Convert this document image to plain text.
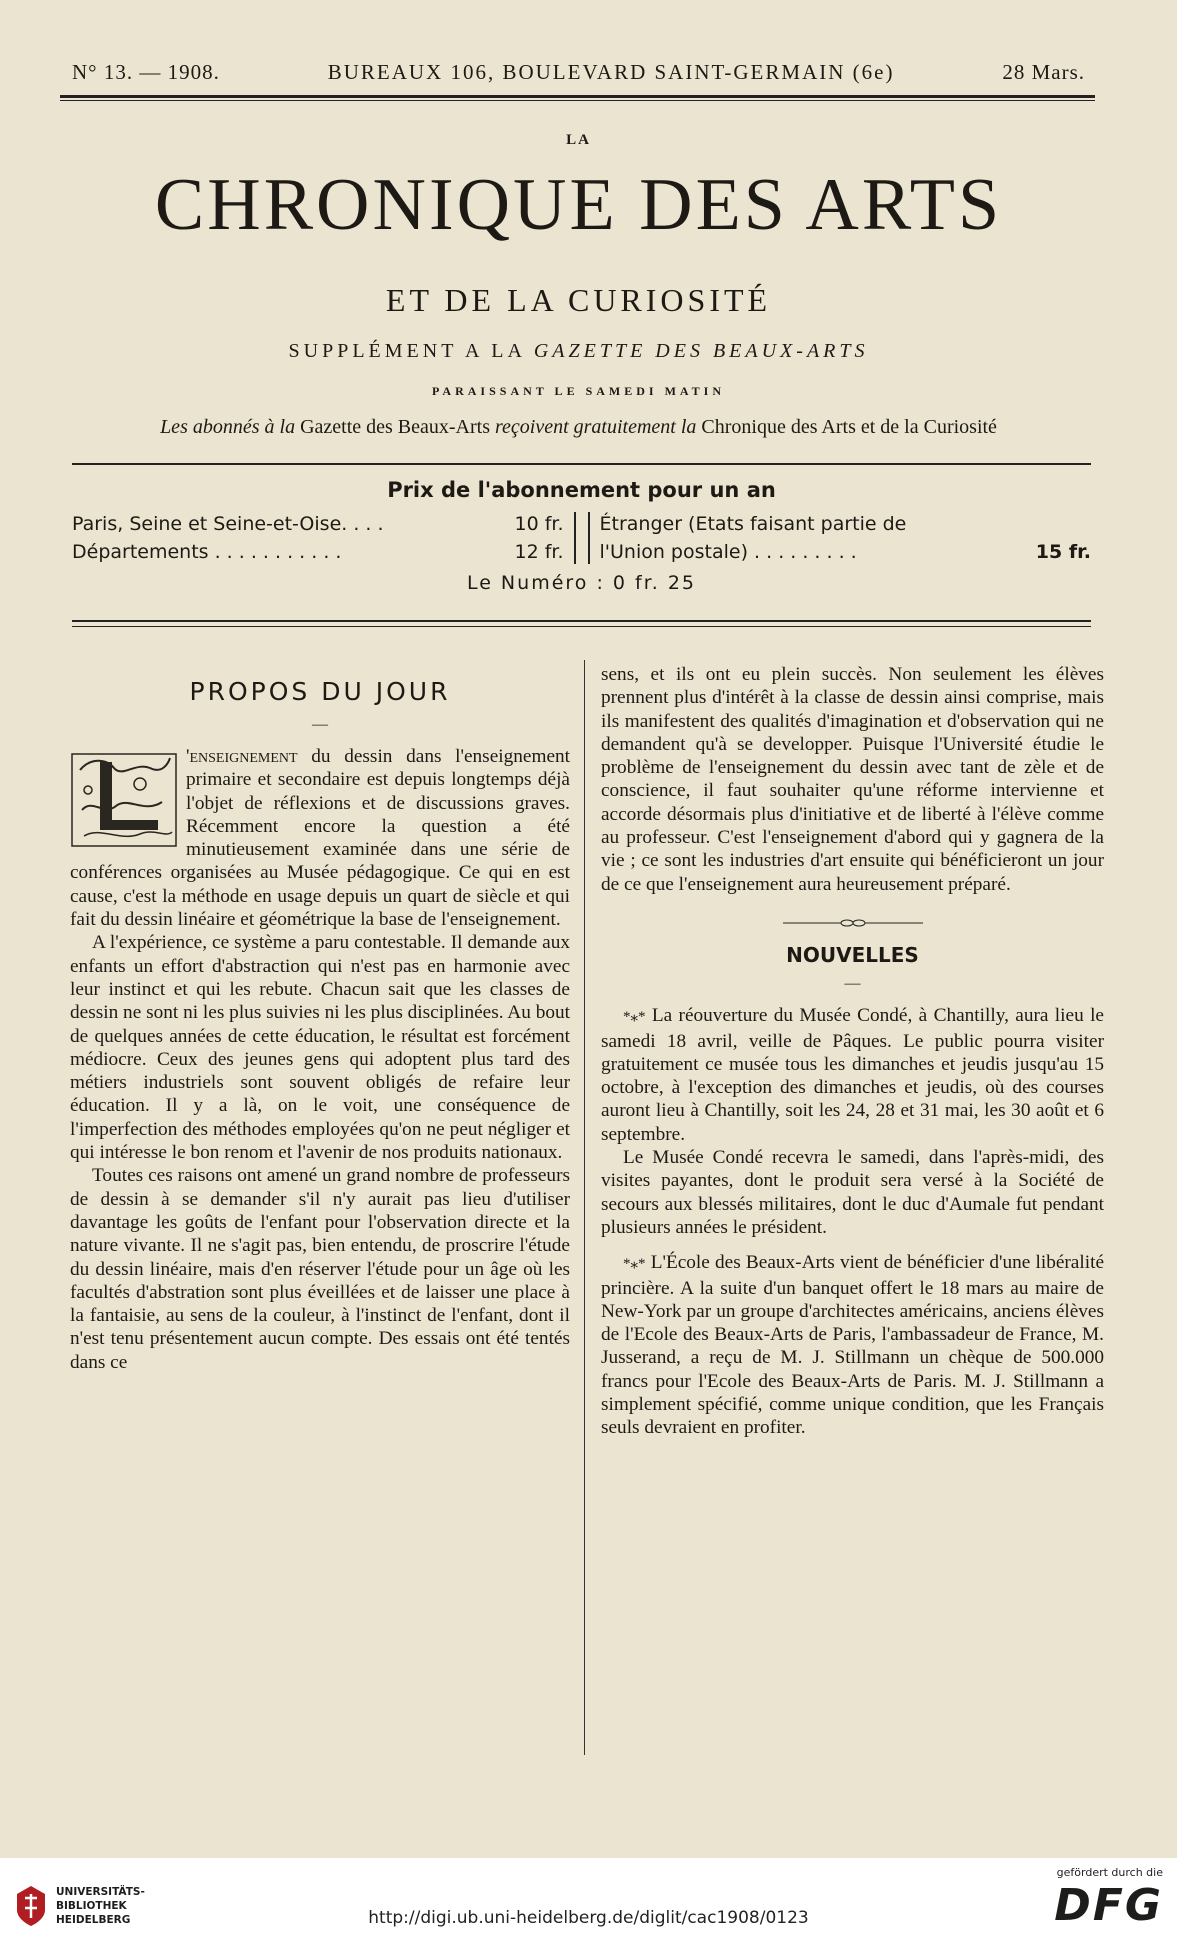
N° 13. — 1908.	BUREAUX 106, BOULEVARD SAINT-GERMAIN (6e)	28 Mars.
LA
CHRONIQUE DES ARTS
ET DE LA CURIOSITÉ
SUPPLÉMENT A LA GAZETTE DES BEAUX-ARTS
PARAISSANT LE SAMEDI MATIN
Les abonnés à la Gazette des Beaux-Arts reçoivent gratuitement la Chronique des Arts et de la Curiosité
Prix de l'abonnement pour un an
Paris, Seine et Seine-et-Oise. . . .	10 fr.
Départements . . . . . . . . . . .	12 fr.
Étranger (Etats faisant partie de
l'Union postale) . . . . . . . . .	15 fr.
Le Numéro : 0 fr. 25
PROPOS DU JOUR
—

'enseignement du dessin dans l'enseignement primaire et secondaire est depuis longtemps déjà l'objet de réflexions et de discussions graves. Récemment encore la question a été minutieusement examinée dans une série de conférences organisées au Musée pédagogique. Ce qui en est cause, c'est la méthode en usage depuis un quart de siècle et qui fait du dessin linéaire et géométrique la base de l'enseignement.

A l'expérience, ce système a paru contestable. Il demande aux enfants un effort d'abstraction qui n'est pas en harmonie avec leur instinct et qui les rebute. Chacun sait que les classes de dessin ne sont ni les plus suivies ni les plus disciplinées. Au bout de quelques années de cette éducation, le résultat est forcément médiocre. Ceux des jeunes gens qui adoptent plus tard des métiers industriels sont souvent obligés de refaire leur éducation. Il y a là, on le voit, une conséquence de l'imperfection des méthodes employées qu'on ne peut négliger et qui intéresse le bon renom et l'avenir de nos produits nationaux.

Toutes ces raisons ont amené un grand nombre de professeurs de dessin à se demander s'il n'y aurait pas lieu d'utiliser davantage les goûts de l'enfant pour l'observation directe et la nature vivante. Il ne s'agit pas, bien entendu, de proscrire l'étude du dessin linéaire, mais d'en réserver l'étude pour un âge où les facultés d'abstration sont plus éveillées et de laisser une place à la fantaisie, au sens de la couleur, à l'instinct de l'enfant, dont il n'est tenu présentement aucun compte. Des essais ont été tentés dans ce

sens, et ils ont eu plein succès. Non seulement les élèves prennent plus d'intérêt à la classe de dessin ainsi comprise, mais ils manifestent des qualités d'imagination et d'observation qui ne demandent qu'à se developper. Puisque l'Université étudie le problème de l'enseignement du dessin avec tant de zèle et de conscience, il faut souhaiter qu'une réforme intervienne et accorde désormais plus d'initiative et de liberté à l'élève comme au professeur. C'est l'enseignement d'abord qui y gagnera de la vie ; ce sont les industries d'art ensuite qui bénéficieront un jour de ce que l'enseignement aura heureusement préparé.

NOUVELLES
—

*⁎* La réouverture du Musée Condé, à Chantilly, aura lieu le samedi 18 avril, veille de Pâques. Le public pourra visiter gratuitement ce musée tous les dimanches et jeudis jusqu'au 15 octobre, à l'exception des dimanches et jeudis, où des courses auront lieu à Chantilly, soit les 24, 28 et 31 mai, les 30 août et 6 septembre.

Le Musée Condé recevra le samedi, dans l'après-midi, des visites payantes, dont le produit sera versé à la Société de secours aux blessés militaires, dont le duc d'Aumale fut pendant plusieurs années le président.

*⁎* L'École des Beaux-Arts vient de bénéficier d'une libéralité princière. A la suite d'un banquet offert le 18 mars au maire de New-York par un groupe d'architectes américains, anciens élèves de l'Ecole des Beaux-Arts de Paris, l'ambassadeur de France, M. Jusserand, a reçu de M. J. Stillmann un chèque de 500.000 francs pour l'Ecole des Beaux-Arts de Paris. M. J. Stillmann a simplement spécifié, comme unique condition, que les Français seuls devraient en profiter.

UNIVERSITÄTS-
BIBLIOTHEK
HEIDELBERG	http://digi.ub.uni-heidelberg.de/diglit/cac1908/0123
gefördert durch die
DFG
